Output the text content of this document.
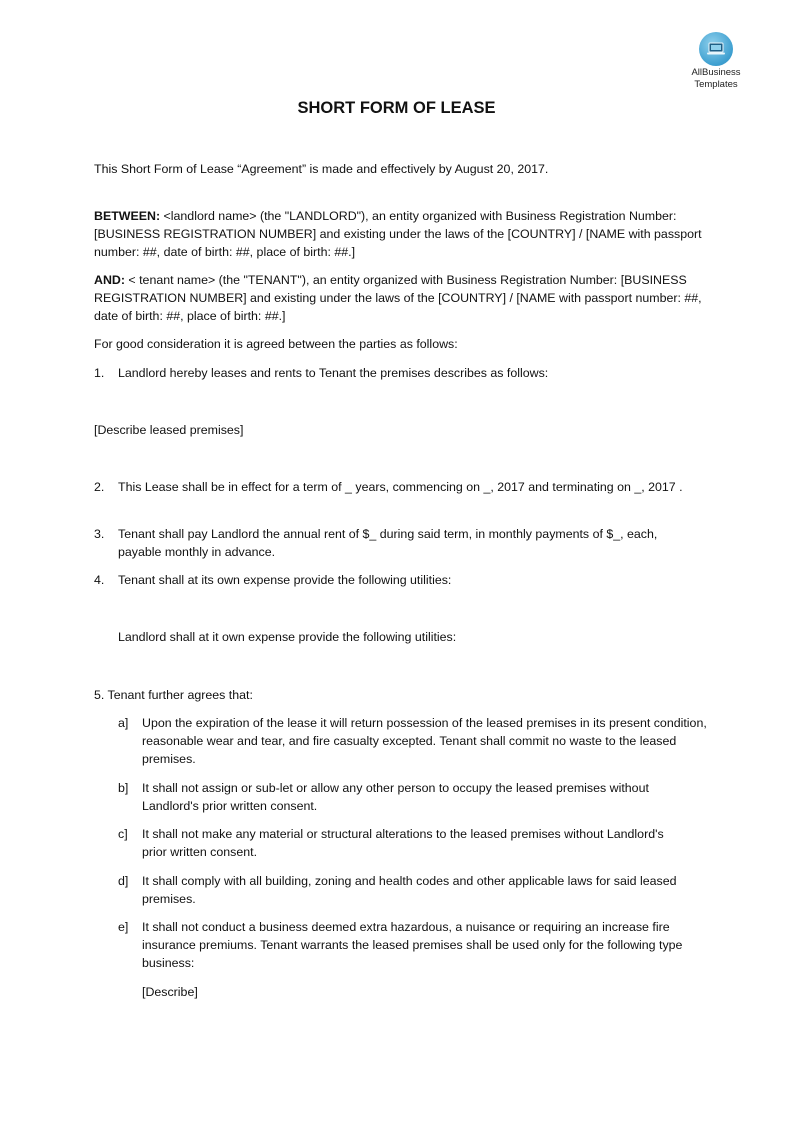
AllBusiness
Templates
SHORT FORM OF LEASE

This Short Form of Lease “Agreement” is made and effectively by August 20, 2017.

BETWEEN: <landlord name> (the "LANDLORD"), an entity organized with Business Registration Number: [BUSINESS REGISTRATION NUMBER] and existing under the laws of the [COUNTRY] / [NAME with passport number: ##, date of birth: ##, place of birth: ##.]

AND: < tenant name> (the "TENANT"), an entity organized with Business Registration Number: [BUSINESS REGISTRATION NUMBER] and existing under the laws of the [COUNTRY] / [NAME with passport number: ##, date of birth: ##, place of birth: ##.]

For good consideration it is agreed between the parties as follows:

1.	Landlord hereby leases and rents to Tenant the premises describes as follows:

[Describe leased premises]

2.	This Lease shall be in effect for a term of _ years, commencing on _, 2017 and terminating on _, 2017 .
3.	Tenant shall pay Landlord the annual rent of $_ during said term, in monthly payments of $_, each, payable monthly in advance.
4.	Tenant shall at its own expense provide the following utilities:

Landlord shall at it own expense provide the following utilities:

5. Tenant further agrees that:

a]	Upon the expiration of the lease it will return possession of the leased premises in its present condition, reasonable wear and tear, and fire casualty excepted. Tenant shall commit no waste to the leased premises.
b]	It shall not assign or sub-let or allow any other person to occupy the leased premises without Landlord's prior written consent.
c]	It shall not make any material or structural alterations to the leased premises without Landlord's prior written consent.
d]	It shall comply with all building, zoning and health codes and other applicable laws for said leased premises.
e]	It shall not conduct a business deemed extra hazardous, a nuisance or requiring an increase fire insurance premiums. Tenant warrants the leased premises shall be used only for the following type business:

[Describe]
